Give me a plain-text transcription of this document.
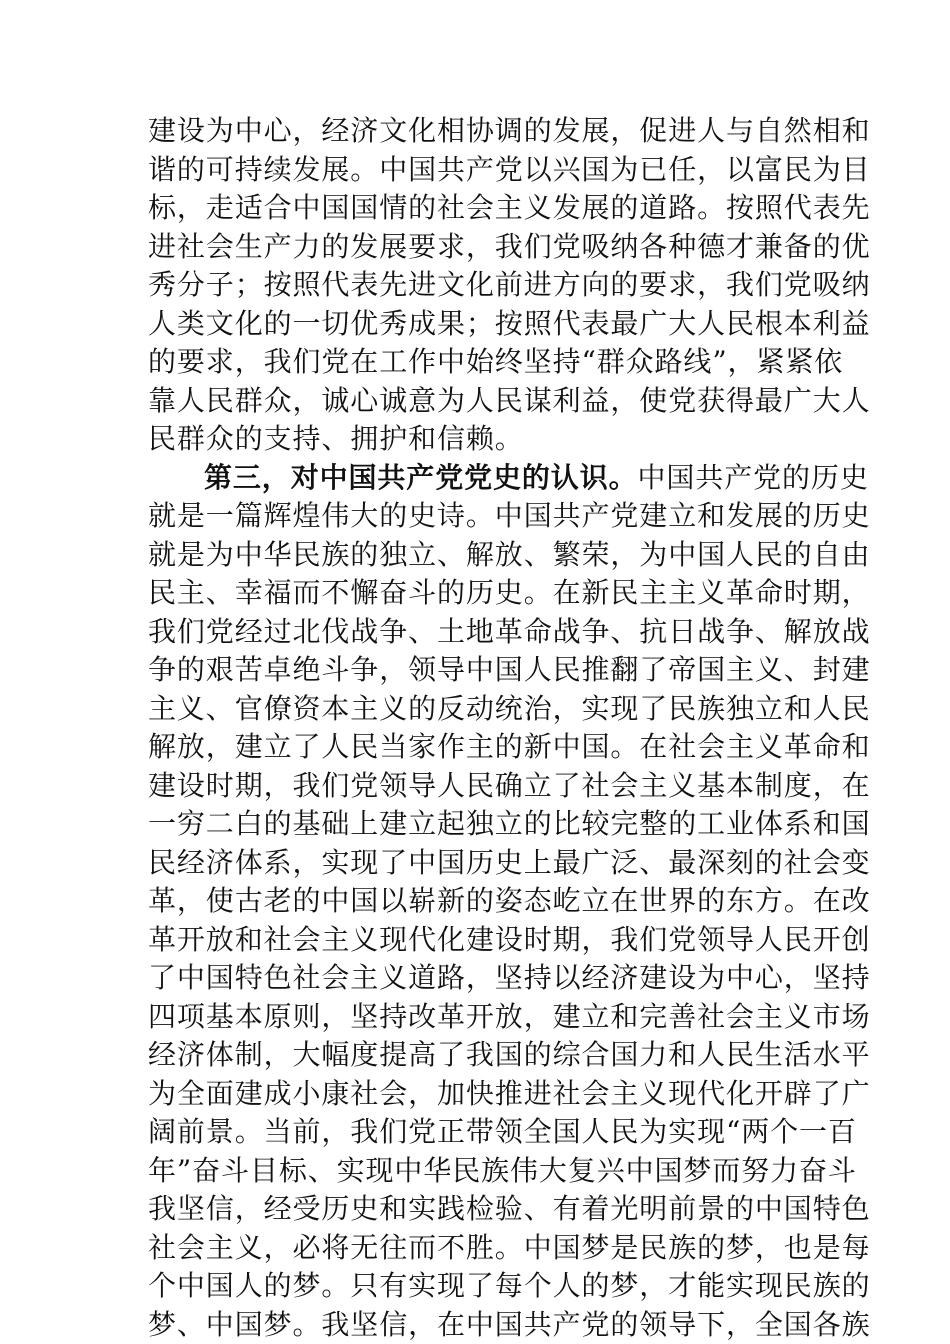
建设为中心，经济文化相协调的发展，促进人与自然相和
谐的可持续发展。中国共产党以兴国为已任，以富民为目
标，走适合中国国情的社会主义发展的道路。按照代表先
进社会生产力的发展要求，我们党吸纳各种德才兼备的优
秀分子；按照代表先进文化前进方向的要求，我们党吸纳
人类文化的一切优秀成果；按照代表最广大人民根本利益
的要求，我们党在工作中始终坚持“群众路线”，紧紧依
靠人民群众，诚心诚意为人民谋利益，使党获得最广大人
民群众的支持、拥护和信赖。
第三，对中国共产党党史的认识。中国共产党的历史
就是一篇辉煌伟大的史诗。中国共产党建立和发展的历史
就是为中华民族的独立、解放、繁荣，为中国人民的自由
民主、幸福而不懈奋斗的历史。在新民主主义革命时期，
我们党经过北伐战争、土地革命战争、抗日战争、解放战
争的艰苦卓绝斗争，领导中国人民推翻了帝国主义、封建
主义、官僚资本主义的反动统治，实现了民族独立和人民
解放，建立了人民当家作主的新中国。在社会主义革命和
建设时期，我们党领导人民确立了社会主义基本制度，在
一穷二白的基础上建立起独立的比较完整的工业体系和国
民经济体系，实现了中国历史上最广泛、最深刻的社会变
革，使古老的中国以崭新的姿态屹立在世界的东方。在改
革开放和社会主义现代化建设时期，我们党领导人民开创
了中国特色社会主义道路，坚持以经济建设为中心，坚持
四项基本原则，坚持改革开放，建立和完善社会主义市场
经济体制，大幅度提高了我国的综合国力和人民生活水平
为全面建成小康社会，加快推进社会主义现代化开辟了广
阔前景。当前，我们党正带领全国人民为实现“两个一百
年”奋斗目标、实现中华民族伟大复兴中国梦而努力奋斗
我坚信，经受历史和实践检验、有着光明前景的中国特色
社会主义，必将无往而不胜。中国梦是民族的梦，也是每
个中国人的梦。只有实现了每个人的梦，才能实现民族的
梦、中国梦。我坚信，在中国共产党的领导下，全国各族
